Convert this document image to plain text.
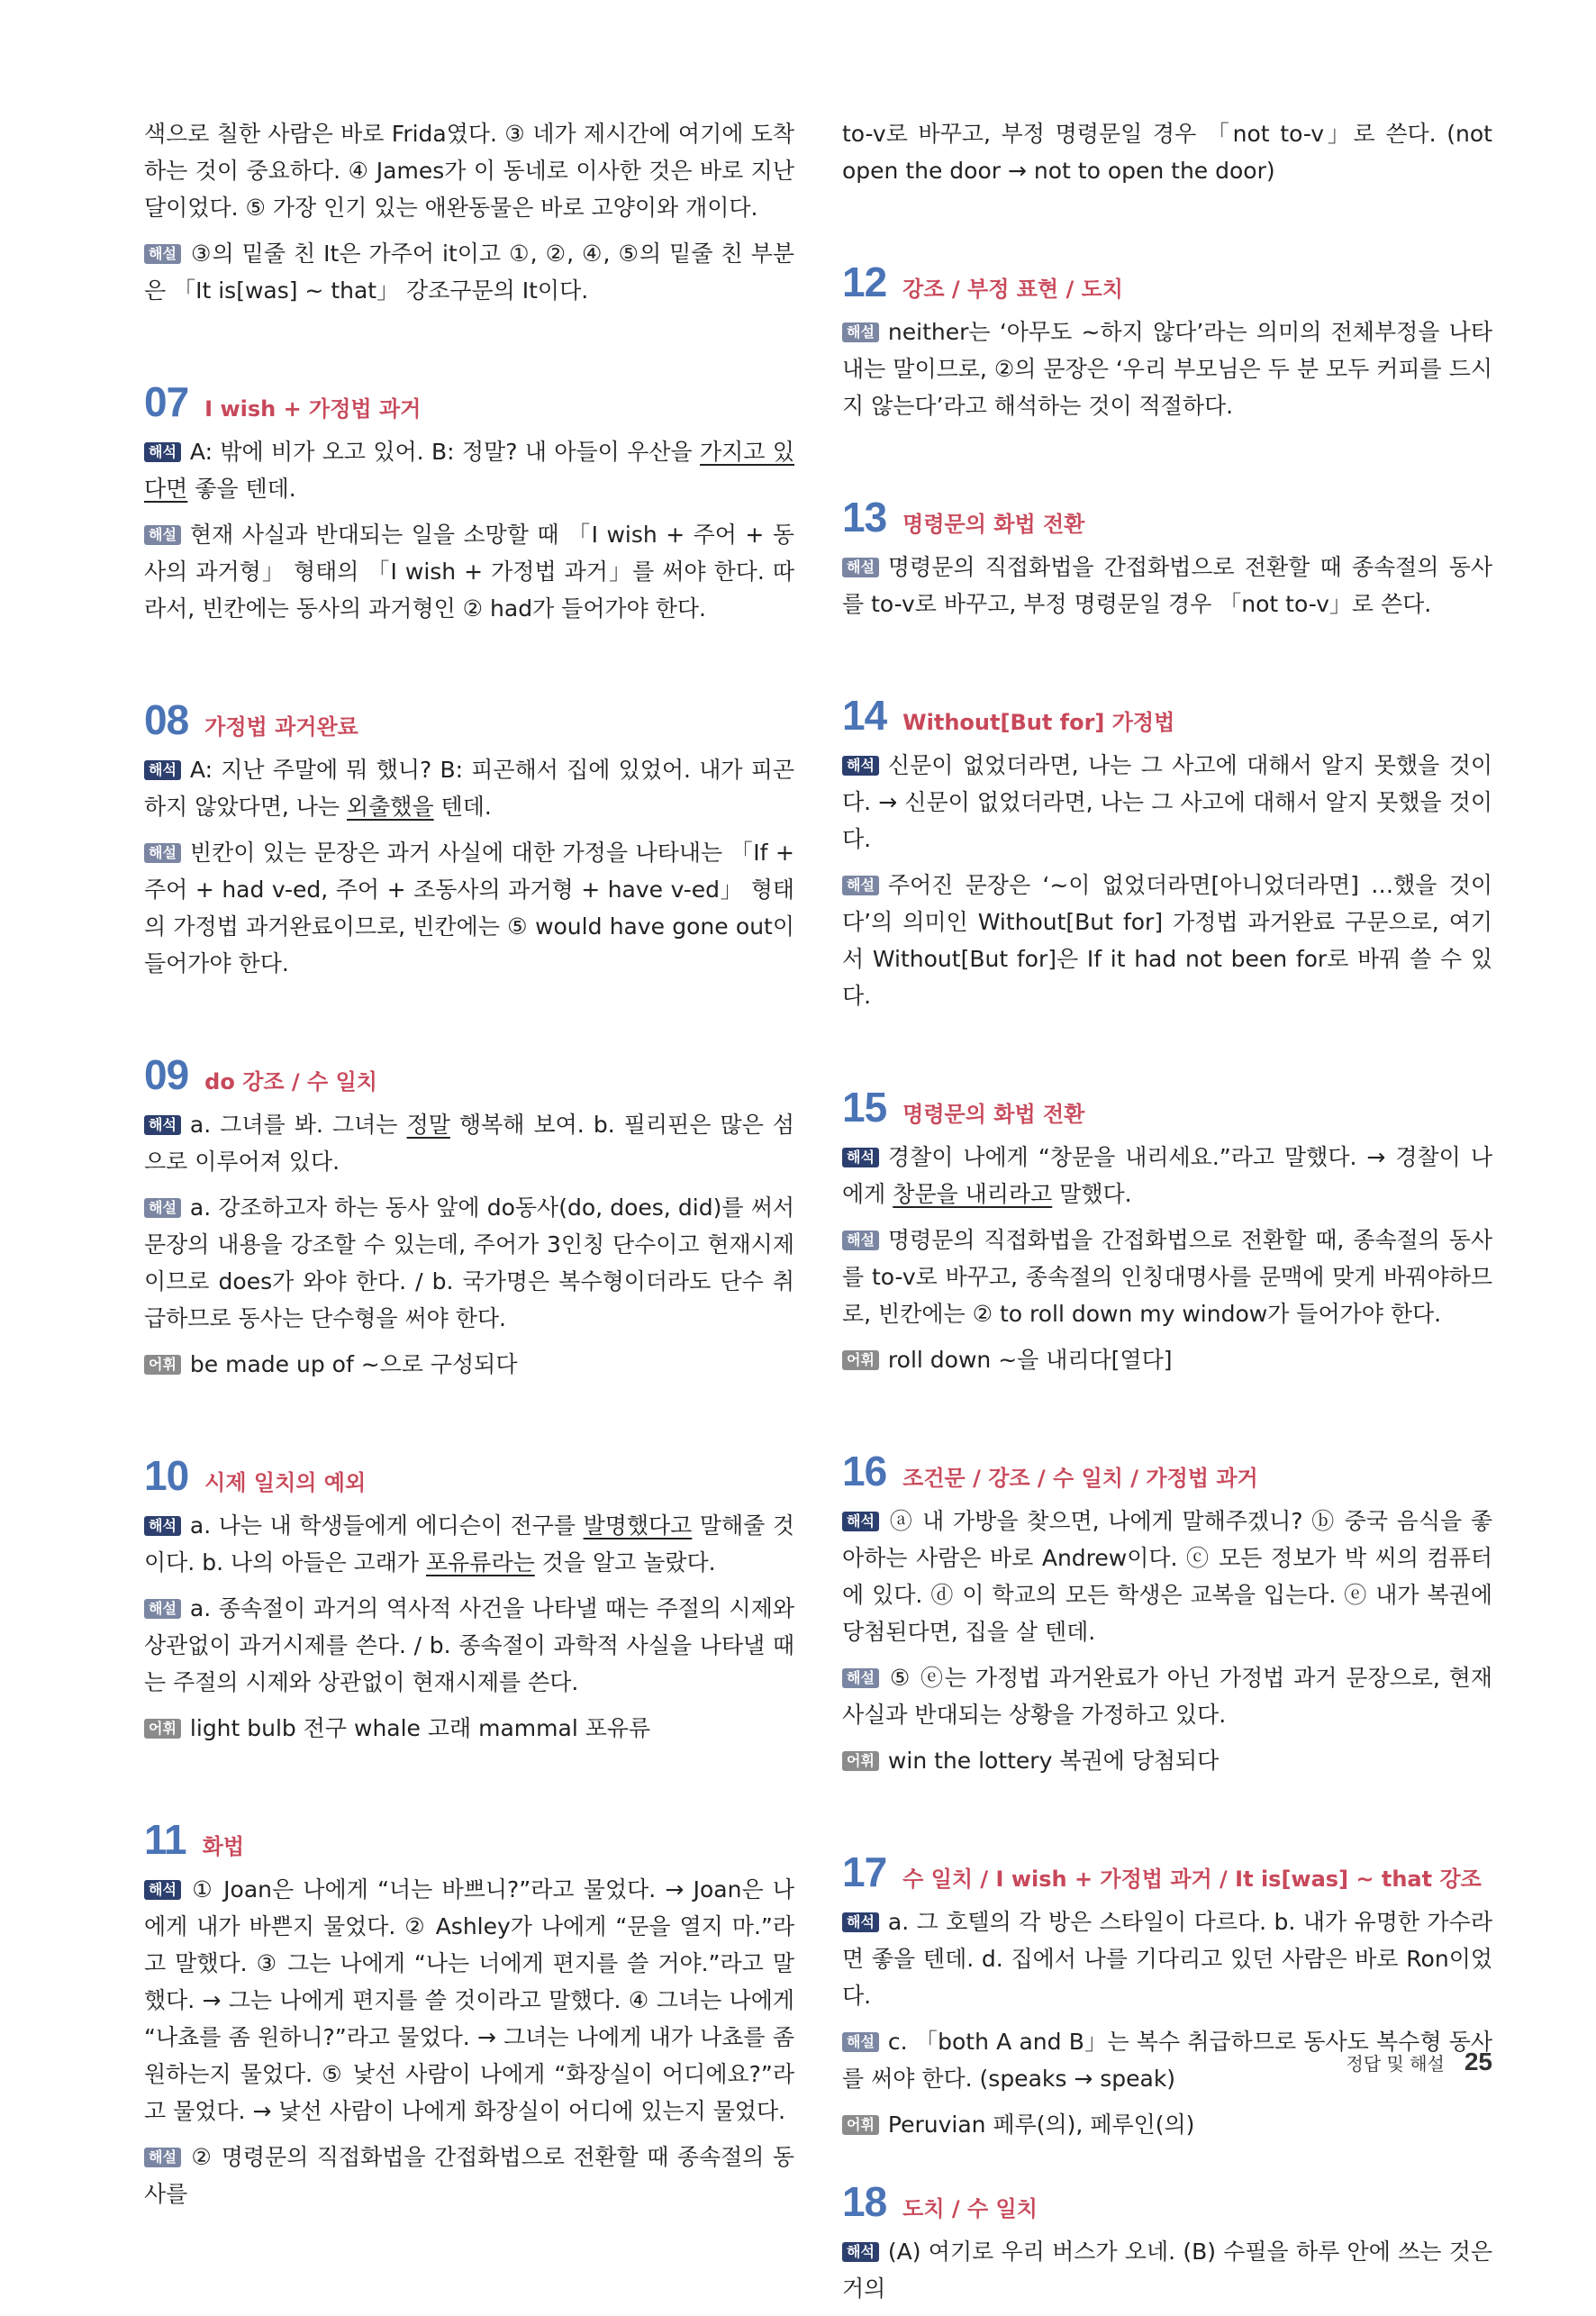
색으로 칠한 사람은 바로 Frida였다. ③ 네가 제시간에 여기에 도착하는 것이 중요하다. ④ James가 이 동네로 이사한 것은 바로 지난달이었다. ⑤ 가장 인기 있는 애완동물은 바로 고양이와 개이다.

해설 ③의 밑줄 친 It은 가주어 it이고 ①, ②, ④, ⑤의 밑줄 친 부분은 「It is[was] ~ that」 강조구문의 It이다.

07 I wish + 가정법 과거

해석 A: 밖에 비가 오고 있어. B: 정말? 내 아들이 우산을 가지고 있다면 좋을 텐데.

해설 현재 사실과 반대되는 일을 소망할 때 「I wish + 주어 + 동사의 과거형」 형태의 「I wish + 가정법 과거」를 써야 한다. 따라서, 빈칸에는 동사의 과거형인 ② had가 들어가야 한다.

08 가정법 과거완료

해석 A: 지난 주말에 뭐 했니? B: 피곤해서 집에 있었어. 내가 피곤하지 않았다면, 나는 외출했을 텐데.

해설 빈칸이 있는 문장은 과거 사실에 대한 가정을 나타내는 「If + 주어 + had v-ed, 주어 + 조동사의 과거형 + have v-ed」 형태의 가정법 과거완료이므로, 빈칸에는 ⑤ would have gone out이 들어가야 한다.

09 do 강조 / 수 일치

해석 a. 그녀를 봐. 그녀는 정말 행복해 보여. b. 필리핀은 많은 섬으로 이루어져 있다.

해설 a. 강조하고자 하는 동사 앞에 do동사(do, does, did)를 써서 문장의 내용을 강조할 수 있는데, 주어가 3인칭 단수이고 현재시제이므로 does가 와야 한다. / b. 국가명은 복수형이더라도 단수 취급하므로 동사는 단수형을 써야 한다.

어휘 be made up of ~으로 구성되다

10 시제 일치의 예외

해석 a. 나는 내 학생들에게 에디슨이 전구를 발명했다고 말해줄 것이다. b. 나의 아들은 고래가 포유류라는 것을 알고 놀랐다.

해설 a. 종속절이 과거의 역사적 사건을 나타낼 때는 주절의 시제와 상관없이 과거시제를 쓴다. / b. 종속절이 과학적 사실을 나타낼 때는 주절의 시제와 상관없이 현재시제를 쓴다.

어휘 light bulb 전구 whale 고래 mammal 포유류

11 화법

해석 ① Joan은 나에게 “너는 바쁘니?”라고 물었다. → Joan은 나에게 내가 바쁜지 물었다. ② Ashley가 나에게 “문을 열지 마.”라고 말했다. ③ 그는 나에게 “나는 너에게 편지를 쓸 거야.”라고 말했다. → 그는 나에게 편지를 쓸 것이라고 말했다. ④ 그녀는 나에게 “나쵸를 좀 원하니?”라고 물었다. → 그녀는 나에게 내가 나쵸를 좀 원하는지 물었다. ⑤ 낯선 사람이 나에게 “화장실이 어디에요?”라고 물었다. → 낯선 사람이 나에게 화장실이 어디에 있는지 물었다.

해설 ② 명령문의 직접화법을 간접화법으로 전환할 때 종속절의 동사를

to-v로 바꾸고, 부정 명령문일 경우 「not to-v」로 쓴다. (not open the door → not to open the door)

12 강조 / 부정 표현 / 도치

해설 neither는 ‘아무도 ~하지 않다’라는 의미의 전체부정을 나타내는 말이므로, ②의 문장은 ‘우리 부모님은 두 분 모두 커피를 드시지 않는다’라고 해석하는 것이 적절하다.

13 명령문의 화법 전환

해설 명령문의 직접화법을 간접화법으로 전환할 때 종속절의 동사를 to-v로 바꾸고, 부정 명령문일 경우 「not to-v」로 쓴다.

14 Without[But for] 가정법

해석 신문이 없었더라면, 나는 그 사고에 대해서 알지 못했을 것이다. → 신문이 없었더라면, 나는 그 사고에 대해서 알지 못했을 것이다.

해설 주어진 문장은 ‘~이 없었더라면[아니었더라면] …했을 것이다’의 의미인 Without[But for] 가정법 과거완료 구문으로, 여기서 Without[But for]은 If it had not been for로 바꿔 쓸 수 있다.

15 명령문의 화법 전환

해석 경찰이 나에게 “창문을 내리세요.”라고 말했다. → 경찰이 나에게 창문을 내리라고 말했다.

해설 명령문의 직접화법을 간접화법으로 전환할 때, 종속절의 동사를 to-v로 바꾸고, 종속절의 인칭대명사를 문맥에 맞게 바꿔야하므로, 빈칸에는 ② to roll down my window가 들어가야 한다.

어휘 roll down ~을 내리다[열다]

16 조건문 / 강조 / 수 일치 / 가정법 과거

해석 ⓐ 내 가방을 찾으면, 나에게 말해주겠니? ⓑ 중국 음식을 좋아하는 사람은 바로 Andrew이다. ⓒ 모든 정보가 박 씨의 컴퓨터에 있다. ⓓ 이 학교의 모든 학생은 교복을 입는다. ⓔ 내가 복권에 당첨된다면, 집을 살 텐데.

해설 ⑤ ⓔ는 가정법 과거완료가 아닌 가정법 과거 문장으로, 현재 사실과 반대되는 상황을 가정하고 있다.

어휘 win the lottery 복권에 당첨되다

17 수 일치 / I wish + 가정법 과거 / It is[was] ~ that 강조

해석 a. 그 호텔의 각 방은 스타일이 다르다. b. 내가 유명한 가수라면 좋을 텐데. d. 집에서 나를 기다리고 있던 사람은 바로 Ron이었다.

해설 c. 「both A and B」는 복수 취급하므로 동사도 복수형 동사를 써야 한다. (speaks → speak)

어휘 Peruvian 페루(의), 페루인(의)

18 도치 / 수 일치

해석 (A) 여기로 우리 버스가 오네. (B) 수필을 하루 안에 쓰는 것은 거의

정답 및 해설 25
